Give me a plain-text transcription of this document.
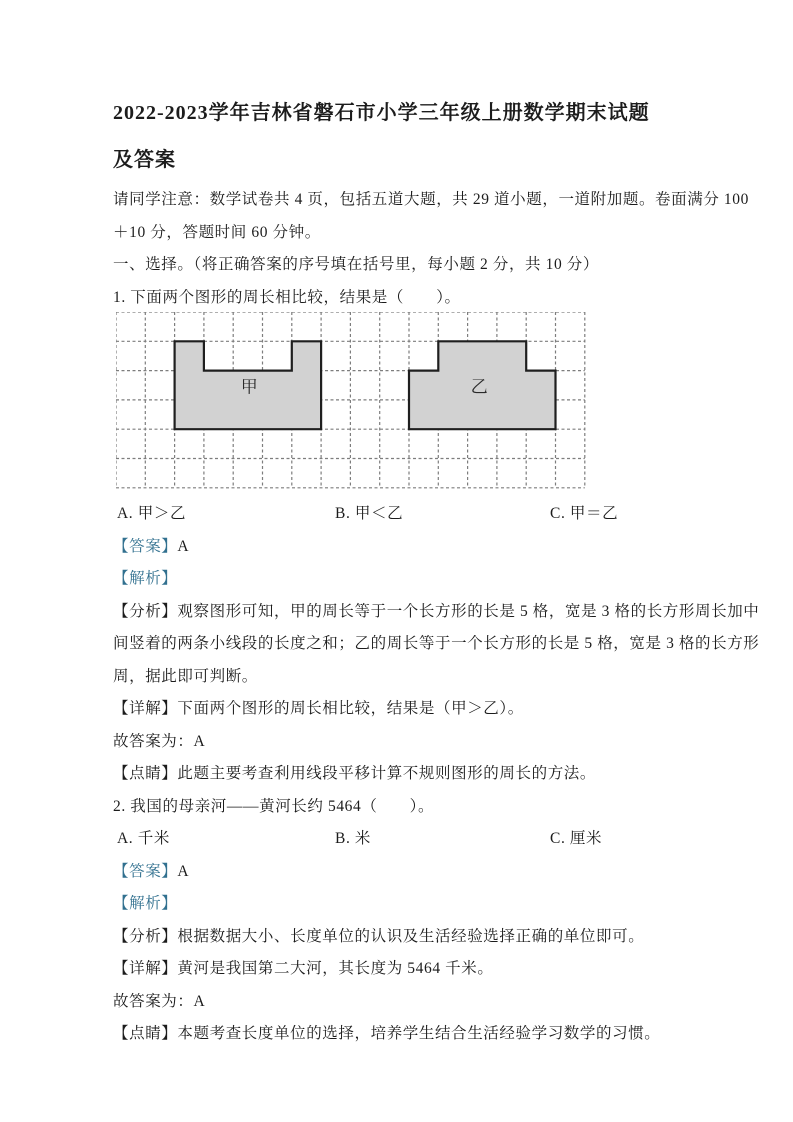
2022-2023学年吉林省磐石市小学三年级上册数学期末试题
及答案
请同学注意：数学试卷共 4 页，包括五道大题，共 29 道小题，一道附加题。卷面满分 100
＋10 分，答题时间 60 分钟。
一、选择。（将正确答案的序号填在括号里，每小题 2 分，共 10 分）
1. 下面两个图形的周长相比较，结果是（　　）。
甲	乙
A. 甲＞乙	B. 甲＜乙	C. 甲＝乙
【答案】A
【解析】
【分析】观察图形可知，甲的周长等于一个长方形的长是 5 格，宽是 3 格的长方形周长加中
间竖着的两条小线段的长度之和；乙的周长等于一个长方形的长是 5 格，宽是 3 格的长方形
周，据此即可判断。
【详解】下面两个图形的周长相比较，结果是（甲＞乙）。
故答案为：A
【点睛】此题主要考查利用线段平移计算不规则图形的周长的方法。
2. 我国的母亲河——黄河长约 5464（　　）。
A. 千米	B. 米	C. 厘米
【答案】A
【解析】
【分析】根据数据大小、长度单位的认识及生活经验选择正确的单位即可。
【详解】黄河是我国第二大河，其长度为 5464 千米。
故答案为：A
【点睛】本题考查长度单位的选择，培养学生结合生活经验学习数学的习惯。
